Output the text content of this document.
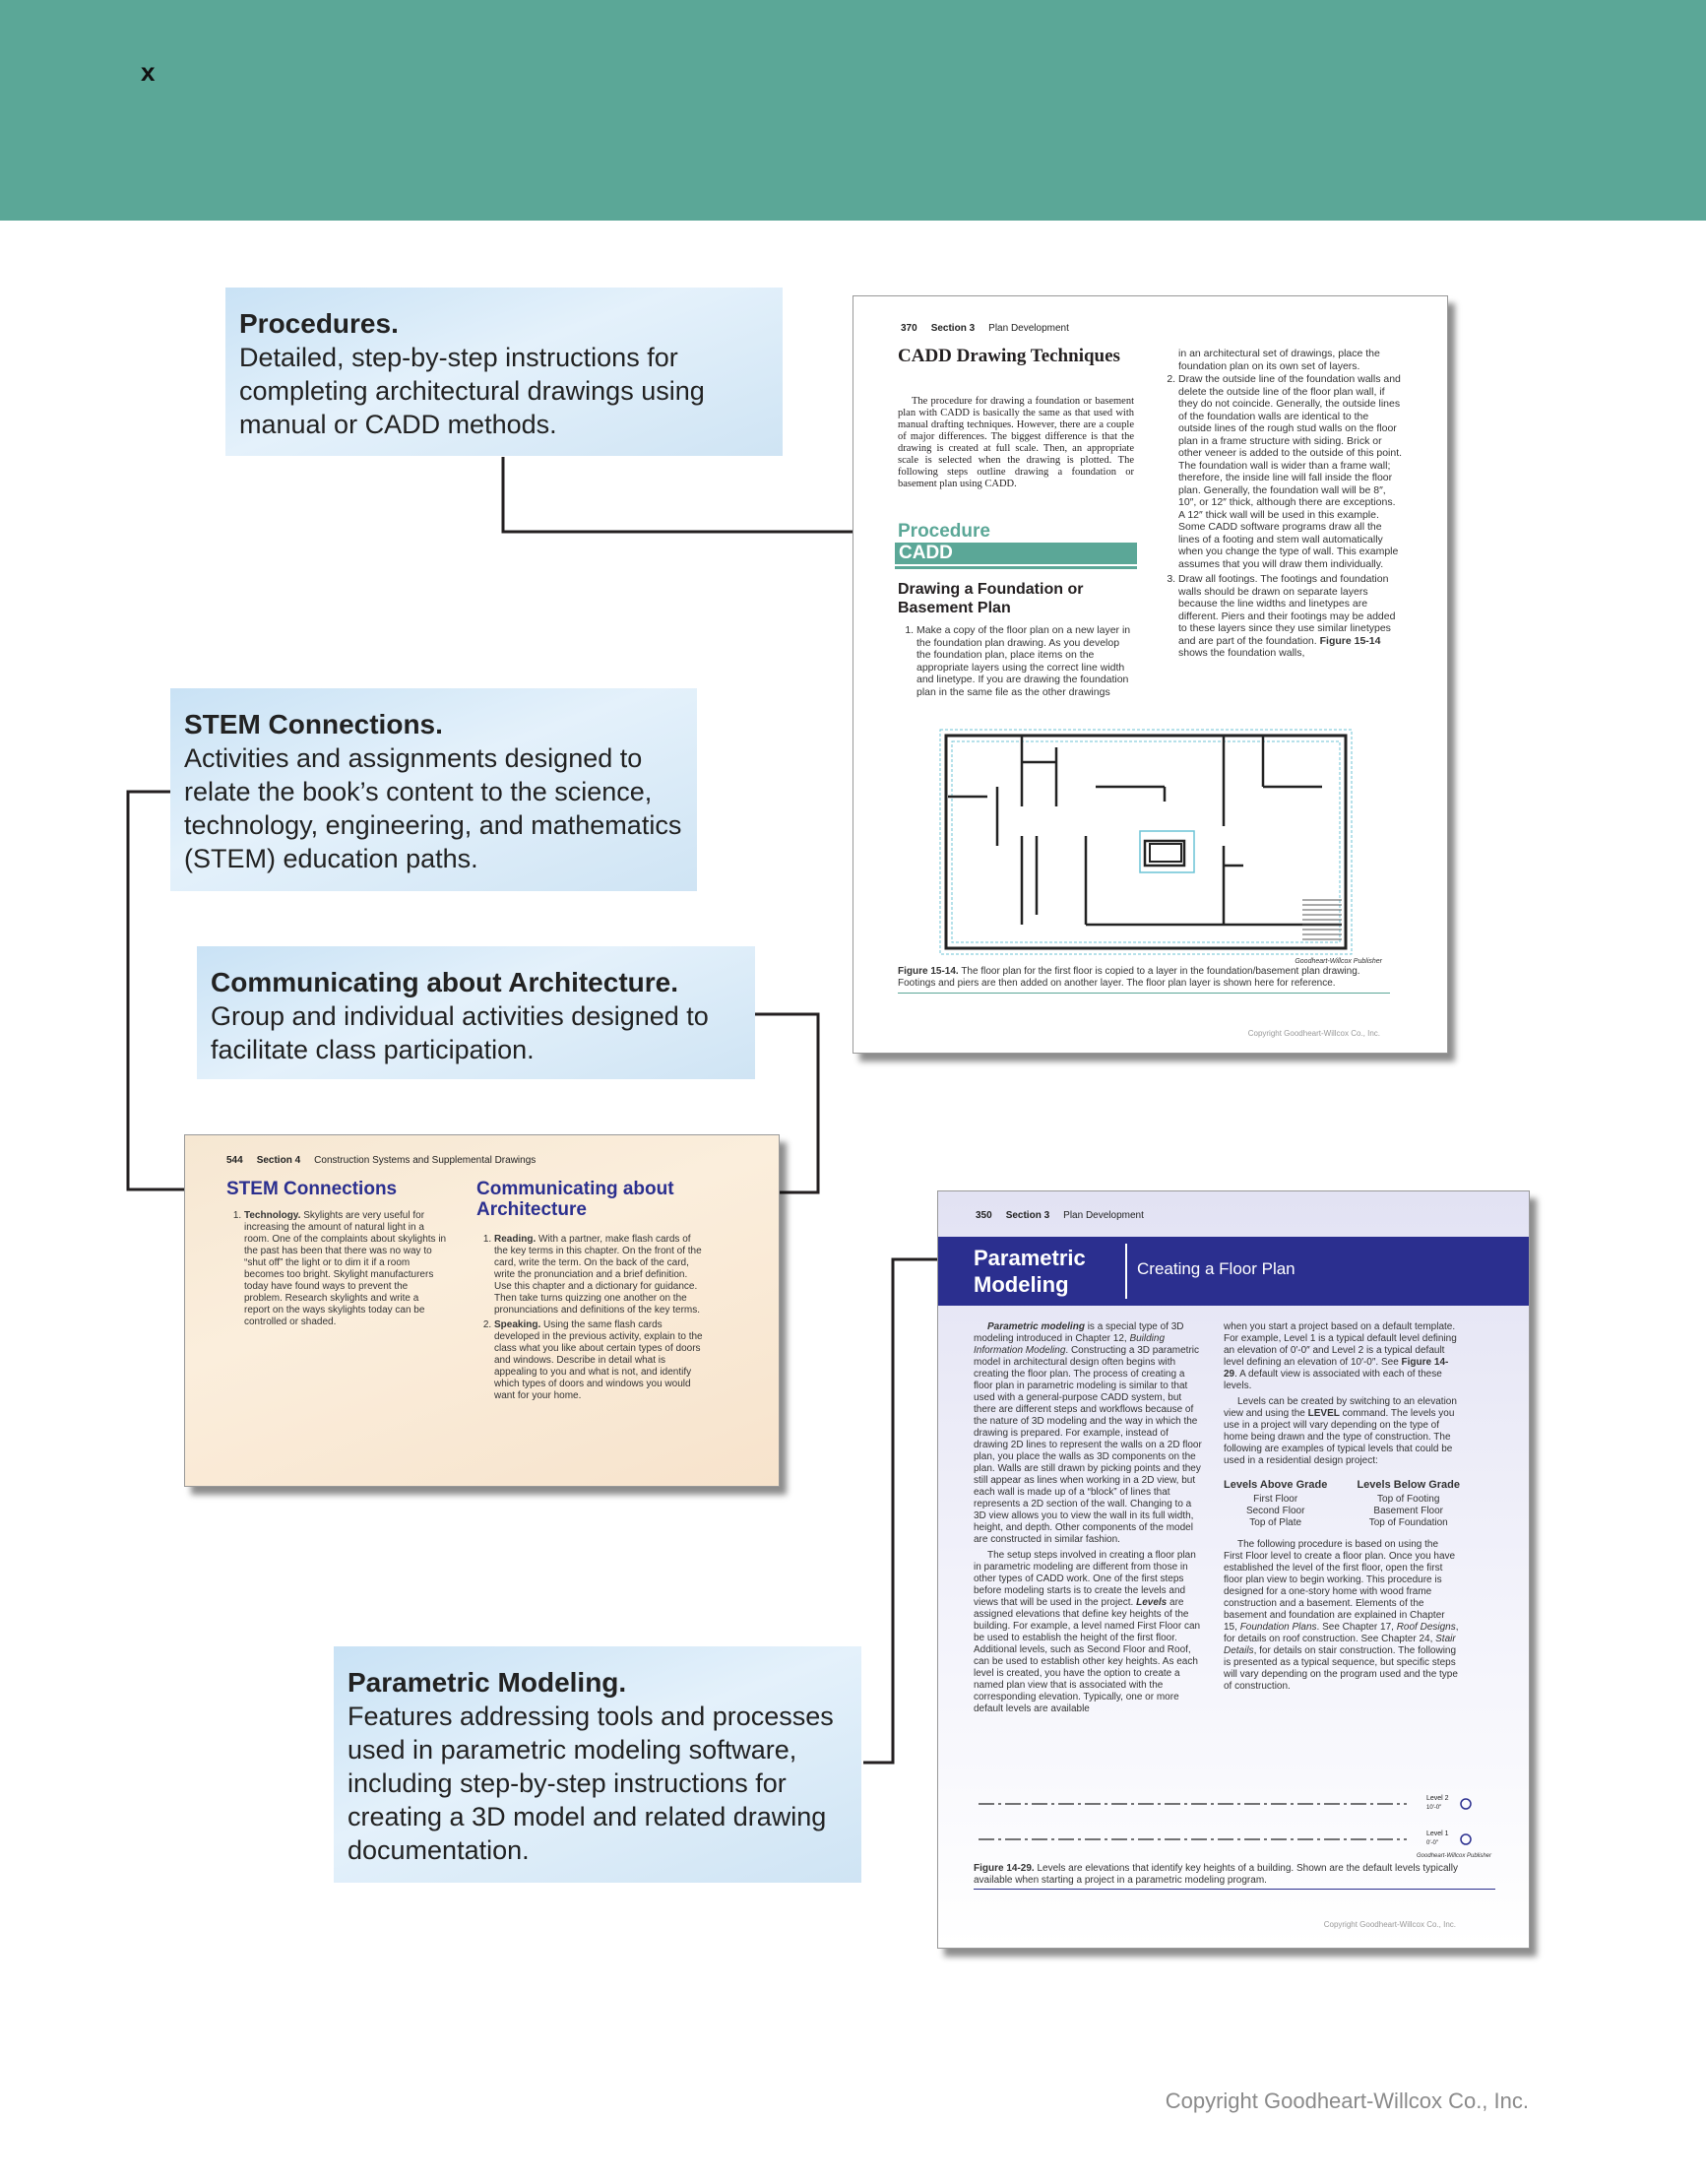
x
Procedures.
Detailed, step-by-step instructions for completing architectural drawings using manual or CADD methods.
STEM Connections.
Activities and assignments designed to relate the book’s content to the science, technology, engineering, and mathematics (STEM) education paths.
Communicating about Architecture.
Group and individual activities designed to facilitate class participation.
Parametric Modeling.
Features addressing tools and processes used in parametric modeling software, including step-by-step instructions for creating a 3D model and related drawing documentation.
370 Section 3 Plan Development
CADD Drawing Techniques
The procedure for drawing a foundation or basement plan with CADD is basically the same as that used with manual drafting techniques. However, there are a couple of major differences. The biggest difference is that the drawing is created at full scale. Then, an appropriate scale is selected when the drawing is plotted. The following steps outline drawing a foundation or basement plan using CADD.
Procedure
CADD
Drawing a Foundation or Basement Plan
1. Make a copy of the floor plan on a new layer in the foundation plan drawing. As you develop the foundation plan, place items on the appropriate layers using the correct line width and linetype. If you are drawing the foundation plan in the same file as the other drawings
in an architectural set of drawings, place the foundation plan on its own set of layers.
2. Draw the outside line of the foundation walls and delete the outside line of the floor plan wall, if they do not coincide. Generally, the outside lines of the foundation walls are identical to the outside lines of the rough stud walls on the floor plan in a frame structure with siding. Brick or other veneer is added to the outside of this point. The foundation wall is wider than a frame wall; therefore, the inside line will fall inside the floor plan. Generally, the foundation wall will be 8″, 10″, or 12″ thick, although there are exceptions. A 12″ thick wall will be used in this example. Some CADD software programs draw all the lines of a footing and stem wall automatically when you change the type of wall. This example assumes that you will draw them individually.
3. Draw all footings. The footings and foundation walls should be drawn on separate layers because the line widths and linetypes are different. Piers and their footings may be added to these layers since they use similar linetypes and are part of the foundation. Figure 15-14 shows the foundation walls,
Goodheart-Willcox Publisher
Figure 15-14. The floor plan for the first floor is copied to a layer in the foundation/basement plan drawing. Footings and piers are then added on another layer. The floor plan layer is shown here for reference.
Copyright Goodheart-Willcox Co., Inc.
544 Section 4 Construction Systems and Supplemental Drawings
STEM Connections
1. Technology. Skylights are very useful for increasing the amount of natural light in a room. One of the complaints about skylights in the past has been that there was no way to “shut off” the light or to dim it if a room becomes too bright. Skylight manufacturers today have found ways to prevent the problem. Research skylights and write a report on the ways skylights today can be controlled or shaded.
Communicating about Architecture
1. Reading. With a partner, make flash cards of the key terms in this chapter. On the front of the card, write the term. On the back of the card, write the pronunciation and a brief definition. Use this chapter and a dictionary for guidance. Then take turns quizzing one another on the pronunciations and definitions of the key terms.
2. Speaking. Using the same flash cards developed in the previous activity, explain to the class what you like about certain types of doors and windows. Describe in detail what is appealing to you and what is not, and identify which types of doors and windows you would want for your home.
350 Section 3 Plan Development
Parametric Modeling
Creating a Floor Plan

Parametric modeling is a special type of 3D modeling introduced in Chapter 12, Building Information Modeling. Constructing a 3D parametric model in architectural design often begins with creating the floor plan. The process of creating a floor plan in parametric modeling is similar to that used with a general-purpose CADD system, but there are different steps and workflows because of the nature of 3D modeling and the way in which the drawing is prepared. For example, instead of drawing 2D lines to represent the walls on a 2D floor plan, you place the walls as 3D components on the plan. Walls are still drawn by picking points and they still appear as lines when working in a 2D view, but each wall is made up of a “block” of lines that represents a 2D section of the wall. Changing to a 3D view allows you to view the wall in its full width, height, and depth. Other components of the model are constructed in similar fashion.

The setup steps involved in creating a floor plan in parametric modeling are different from those in other types of CADD work. One of the first steps before modeling starts is to create the levels and views that will be used in the project. Levels are assigned elevations that define key heights of the building. For example, a level named First Floor can be used to establish the height of the first floor. Additional levels, such as Second Floor and Roof, can be used to establish other key heights. As each level is created, you have the option to create a named plan view that is associated with the corresponding elevation. Typically, one or more default levels are available

when you start a project based on a default template. For example, Level 1 is a typical default level defining an elevation of 0′-0″ and Level 2 is a typical default level defining an elevation of 10′-0″. See Figure 14-29. A default view is associated with each of these levels.

Levels can be created by switching to an elevation view and using the LEVEL command. The levels you use in a project will vary depending on the type of home being drawn and the type of construction. The following are examples of typical levels that could be used in a residential design project:

Levels Above Grade
First Floor
Second Floor
Top of Plate
Levels Below Grade
Top of Footing
Basement Floor
Top of Foundation

The following procedure is based on using the First Floor level to create a floor plan. Once you have established the level of the first floor, open the first floor plan view to begin working. This procedure is designed for a one-story home with wood frame construction and a basement. Elements of the basement and foundation are explained in Chapter 15, Foundation Plans. See Chapter 17, Roof Designs, for details on roof construction. See Chapter 24, Stair Details, for details on stair construction. The following is presented as a typical sequence, but specific steps will vary depending on the program used and the type of construction.

Level 2
10′-0″
Level 1
0′-0″
Goodheart-Willcox Publisher
Figure 14-29. Levels are elevations that identify key heights of a building. Shown are the default levels typically available when starting a project in a parametric modeling program.
Copyright Goodheart-Willcox Co., Inc.
Copyright Goodheart-Willcox Co., Inc.
